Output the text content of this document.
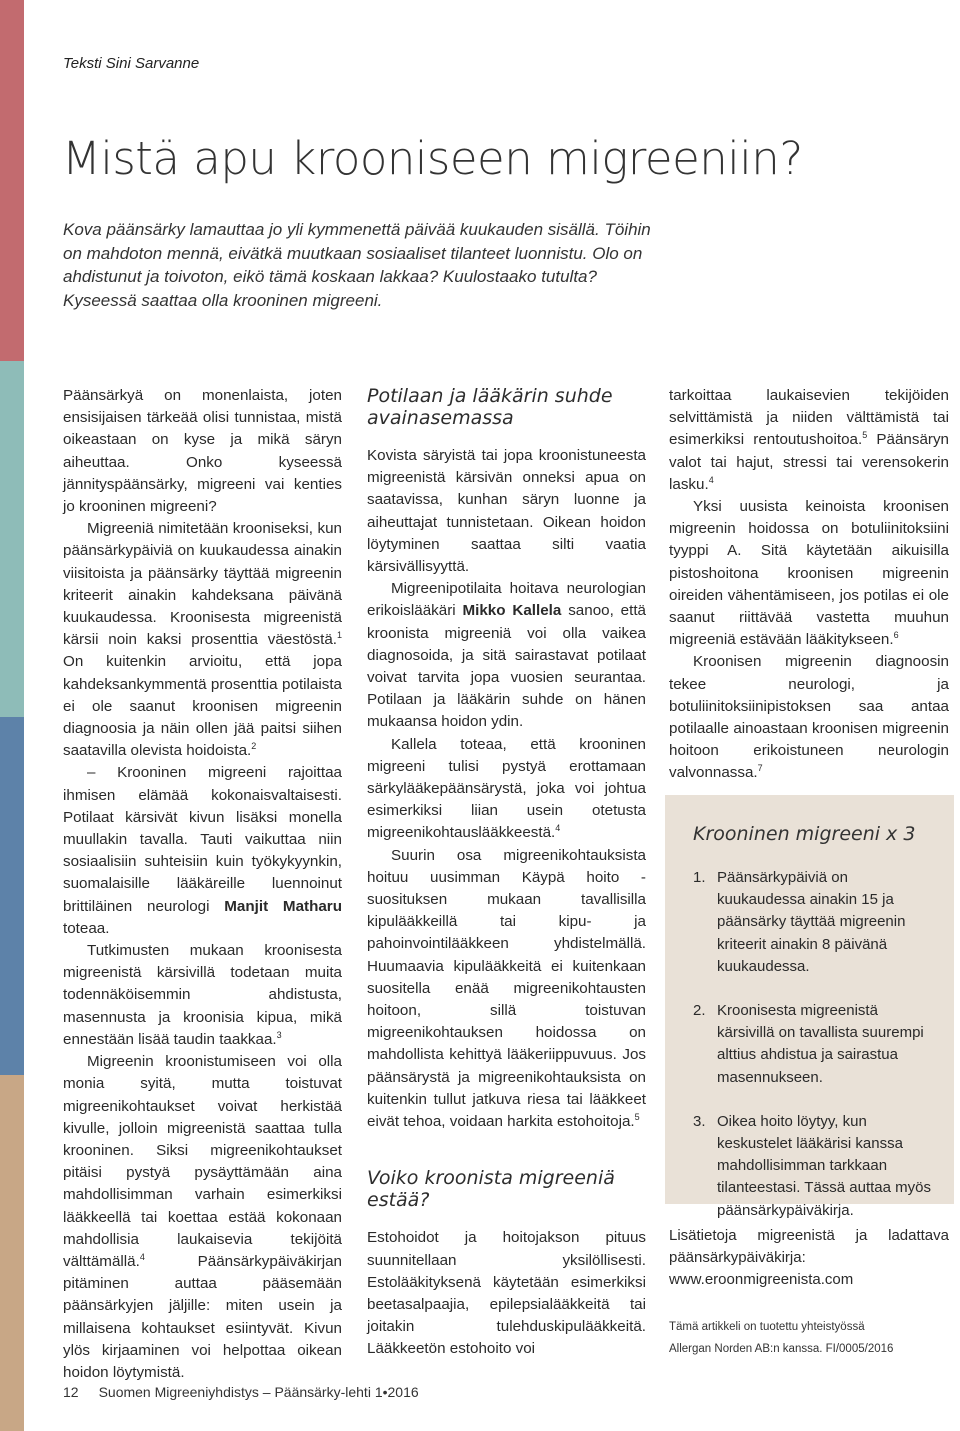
Teksti Sini Sarvanne
Mistä apu krooniseen migreeniin?

Kova päänsärky lamauttaa jo yli kymmenettä päivää kuukauden sisällä. Töihin on mahdoton mennä, eivätkä muutkaan sosiaaliset tilanteet luonnistu. Olo on ahdistunut ja toivoton, eikö tämä koskaan lakkaa? Kuulostaako tutulta? Kyseessä saattaa olla krooninen migreeni.

Päänsärkyä on monenlaista, joten ensisijaisen tärkeää olisi tunnistaa, mistä oikeastaan on kyse ja mikä säryn aiheuttaa. Onko kyseessä jännityspäänsärky, migreeni vai kenties jo krooninen migreeni?

Migreeniä nimitetään krooniseksi, kun päänsärkypäiviä on kuukaudessa ainakin viisitoista ja päänsärky täyttää migreenin kriteerit ainakin kahdeksana päivänä kuukaudessa. Kroonisesta migreenistä kärsii noin kaksi prosenttia väestöstä.$^1$ On kuitenkin arvioitu, että jopa kahdeksankymmentä prosenttia potilaista ei ole saanut kroonisen migreenin diagnoosia ja näin ollen jää paitsi siihen saatavilla olevista hoidoista.$^2$

– Krooninen migreeni rajoittaa ihmisen elämää kokonaisvaltaisesti. Potilaat kärsivät kivun lisäksi monella muullakin tavalla. Tauti vaikuttaa niin sosiaalisiin suhteisiin kuin työkykyynkin, suomalaisille lääkäreille luennoinut brittiläinen neurologi Manjit Matharu toteaa.

Tutkimusten mukaan kroonisesta migreenistä kärsivillä todetaan muita todennäköisemmin ahdistusta, masennusta ja kroonisia kipua, mikä ennestään lisää taudin taakkaa.$^3$

Migreenin kroonistumiseen voi olla monia syitä, mutta toistuvat migreenikohtaukset voivat herkistää kivulle, jolloin migreenistä saattaa tulla krooninen. Siksi migreenikohtaukset pitäisi pystyä pysäyttämään aina mahdollisimman varhain esimerkiksi lääkkeellä tai koettaa estää kokonaan mahdollisia laukaisevia tekijöitä välttämällä.$^4$ Päänsärkypäiväkirjan pitäminen auttaa pääsemään päänsärkyjen jäljille: miten usein ja millaisena kohtaukset esiintyvät. Kivun ylös kirjaaminen voi helpottaa oikean hoidon löytymistä.

Potilaan ja lääkärin suhde avainasemassa

Kovista säryistä tai jopa kroonistuneesta migreenistä kärsivän onneksi apua on saatavissa, kunhan säryn luonne ja aiheuttajat tunnistetaan. Oikean hoidon löytyminen saattaa silti vaatia kärsivällisyyttä.

Migreenipotilaita hoitava neurologian erikoislääkäri Mikko Kallela sanoo, että kroonista migreeniä voi olla vaikea diagnosoida, ja sitä sairastavat potilaat voivat tarvita jopa vuosien seurantaa. Potilaan ja lääkärin suhde on hänen mukaansa hoidon ydin.

Kallela toteaa, että krooninen migreeni tulisi pystyä erottamaan särkylääkepäänsärystä, joka voi johtua esimerkiksi liian usein otetusta migreenikohtauslääkkeestä.$^4$

Suurin osa migreenikohtauksista hoituu uusimman Käypä hoito -suosituksen mukaan tavallisilla kipulääkkeillä tai kipu- ja pahoinvointilääkkeen yhdistelmällä. Huumaavia kipulääkkeitä ei kuitenkaan suositella enää migreenikohtausten hoitoon, sillä toistuvan migreenikohtauksen hoidossa on mahdollista kehittyä lääkeriippuvuus. Jos päänsärystä ja migreenikohtauksista on kuitenkin tullut jatkuva riesa tai lääkkeet eivät tehoa, voidaan harkita estohoitoja.$^5$

Voiko kroonista migreeniä estää?

Estohoidot ja hoitojakson pituus suunnitellaan yksilöllisesti. Estolääkityksenä käytetään esimerkiksi beetasalpaajia, epilepsialääkkeitä tai joitakin tulehduskipulääkkeitä. Lääkkeetön estohoito voi

tarkoittaa laukaisevien tekijöiden selvittämistä ja niiden välttämistä tai esimerkiksi rentoutushoitoa.$^5$ Päänsäryn valot tai hajut, stressi tai verensokerin lasku.$^4$

Yksi uusista keinoista kroonisen migreenin hoidossa on botuliinitoksiini tyyppi A. Sitä käytetään aikuisilla pistoshoitona kroonisen migreenin oireiden vähentämiseen, jos potilas ei ole saanut riittävää vastetta muuhun migreeniä estävään lääkitykseen.$^6$

Kroonisen migreenin diagnoosin tekee neurologi, ja botuliinitoksiinipistoksen saa antaa potilaalle ainoastaan kroonisen migreenin hoitoon erikoistuneen neurologin valvonnassa.$^7$

Krooninen migreeni x 3
1. Päänsärkypäiviä on kuukaudessa ainakin 15 ja päänsärky täyttää migreenin kriteerit ainakin 8 päivänä kuukaudessa.
2. Kroonisesta migreenistä kärsivillä on tavallista suurempi alttius ahdistua ja sairastua masennukseen.
3. Oikea hoito löytyy, kun keskustelet lääkärisi kanssa mahdollisimman tarkkaan tilanteestasi. Tässä auttaa myös päänsärkypäiväkirja.

Lisätietoja migreenistä ja ladattava päänsärkypäiväkirja:

www.eroonmigreenista.com
Tämä artikkeli on tuotettu yhteistyössä
Allergan Norden AB:n kanssa. FI/0005/2016
12 Suomen Migreeniyhdistys – Päänsärky-lehti 1•2016
